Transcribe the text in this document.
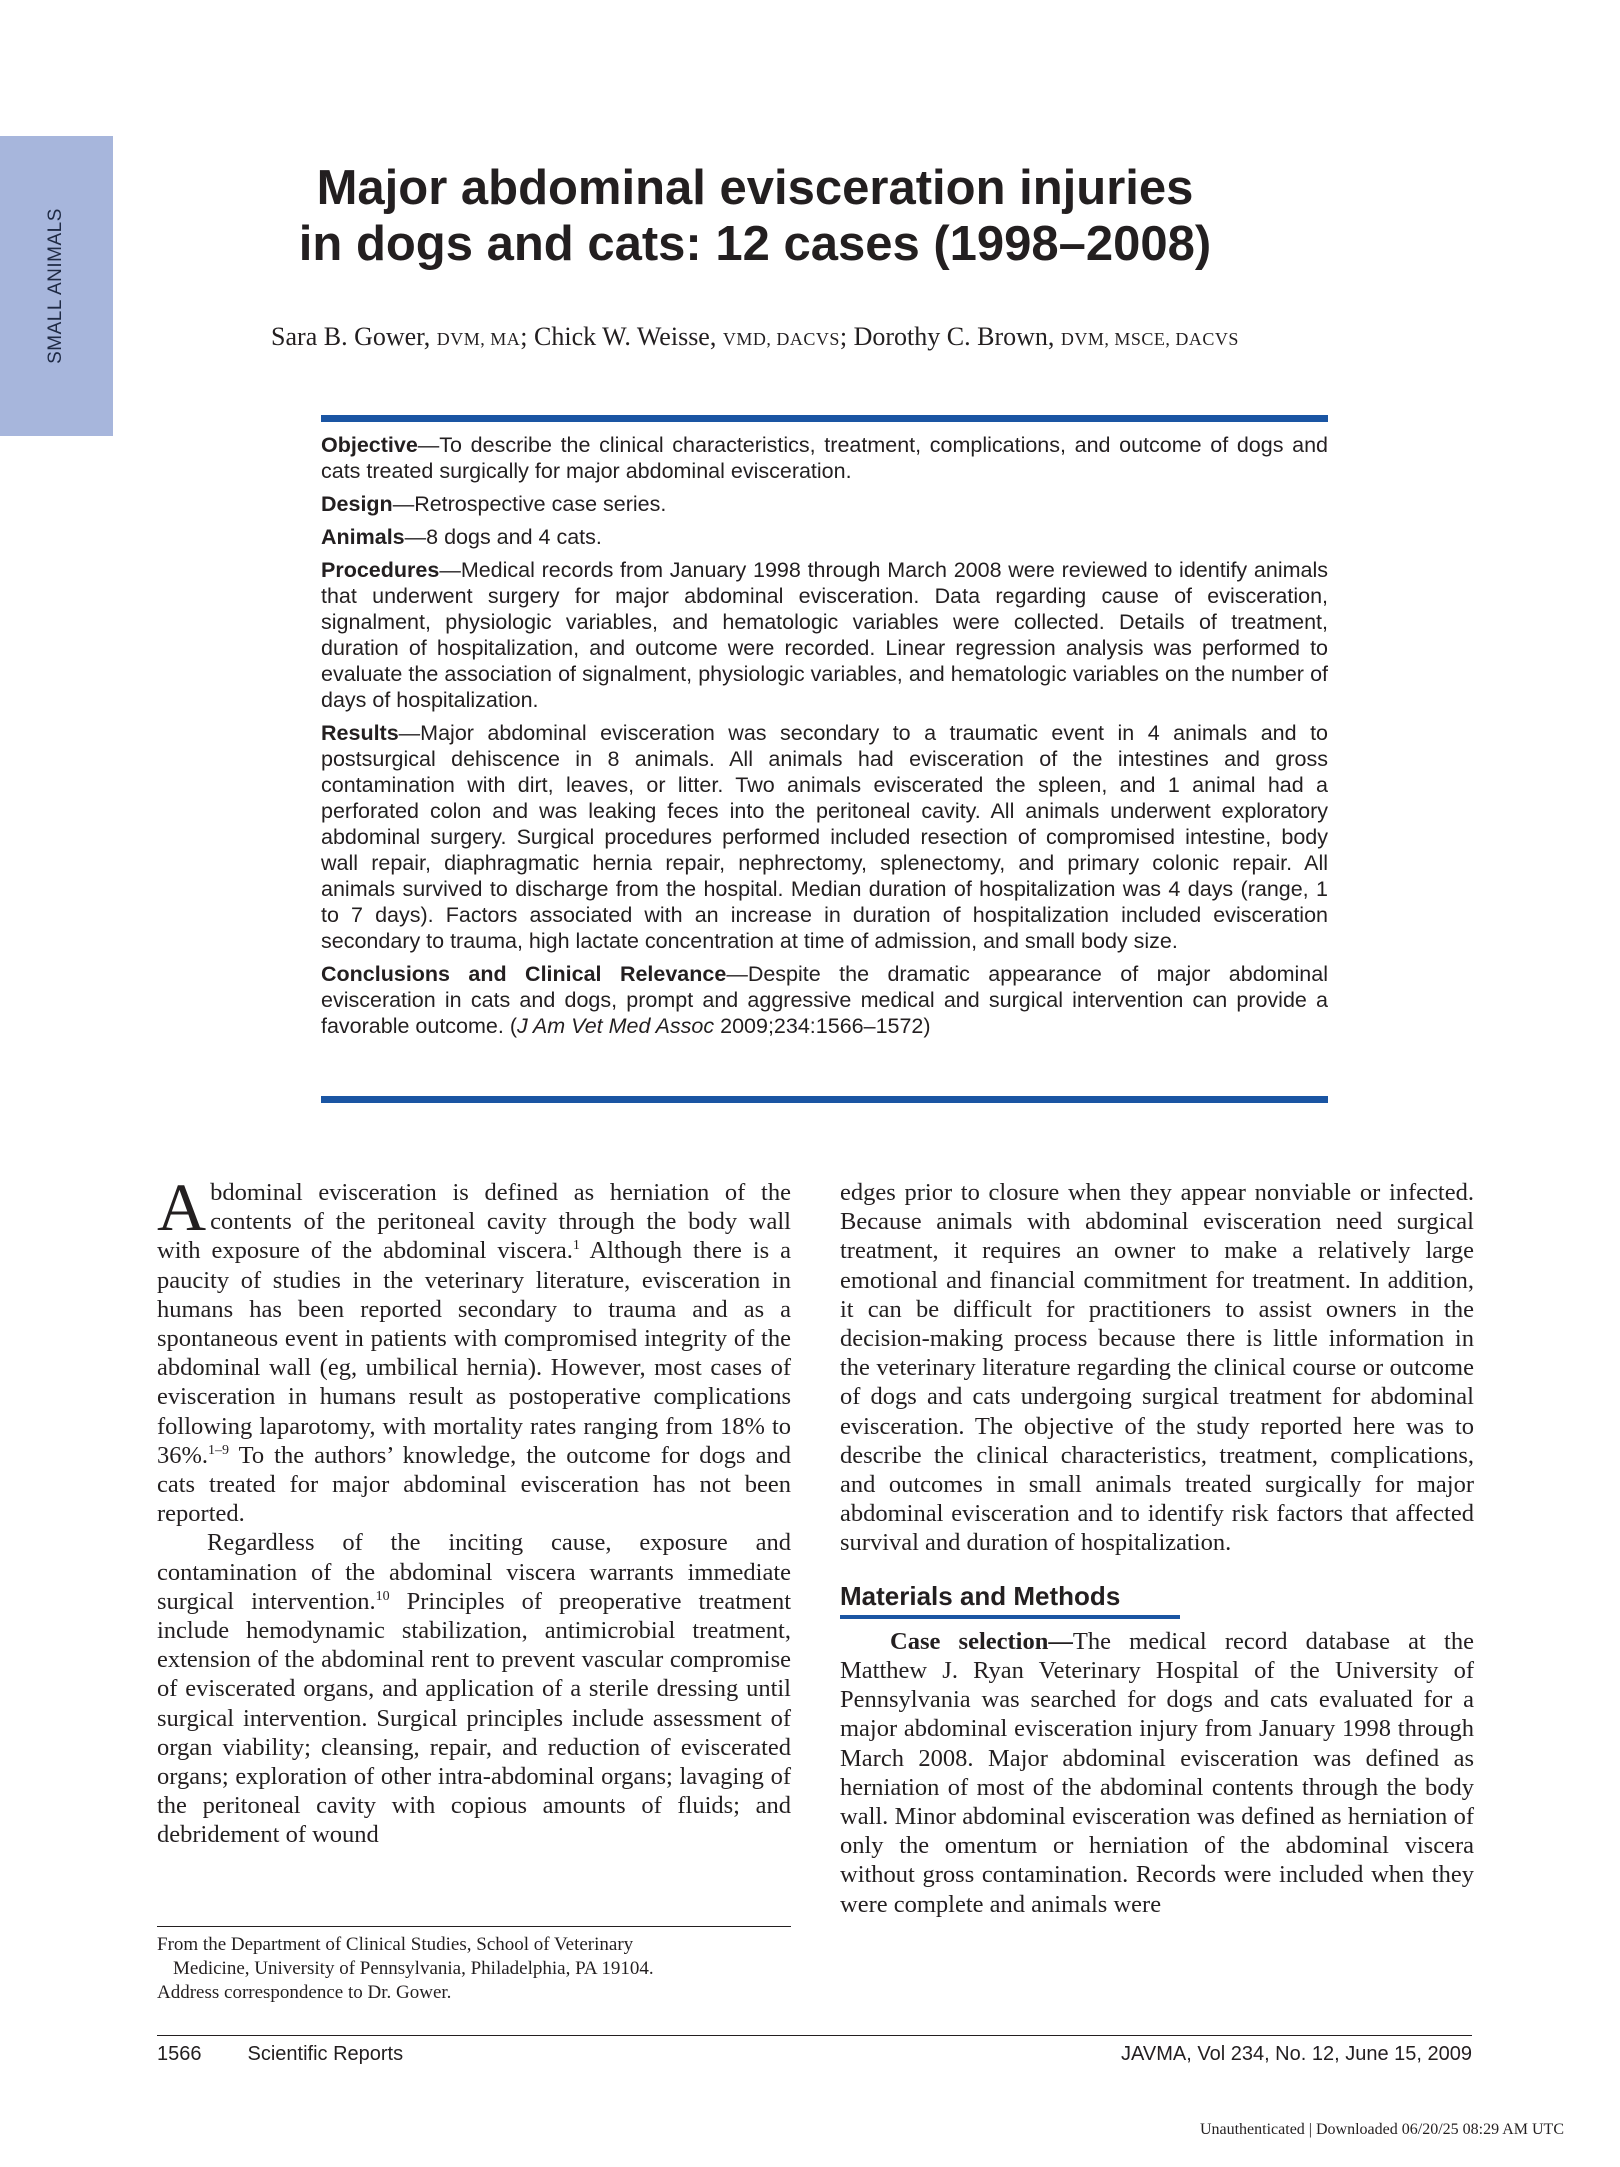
SMALL ANIMALS
Major abdominal evisceration injuries
in dogs and cats: 12 cases (1998–2008)
Sara B. Gower, DVM, MA; Chick W. Weisse, VMD, DACVS; Dorothy C. Brown, DVM, MSCE, DACVS

Objective—To describe the clinical characteristics, treatment, complications, and outcome of dogs and cats treated surgically for major abdominal evisceration.

Design—Retrospective case series.

Animals—8 dogs and 4 cats.

Procedures—Medical records from January 1998 through March 2008 were reviewed to identify animals that underwent surgery for major abdominal evisceration. Data regarding cause of evisceration, signalment, physiologic variables, and hematologic variables were collected. Details of treatment, duration of hospitalization, and outcome were recorded. Linear regression analysis was performed to evaluate the association of signalment, physiologic variables, and hematologic variables on the number of days of hospitalization.

Results—Major abdominal evisceration was secondary to a traumatic event in 4 animals and to postsurgical dehiscence in 8 animals. All animals had evisceration of the intestines and gross contamination with dirt, leaves, or litter. Two animals eviscerated the spleen, and 1 animal had a perforated colon and was leaking feces into the peritoneal cavity. All animals underwent exploratory abdominal surgery. Surgical procedures performed included resection of compromised intestine, body wall repair, diaphragmatic hernia repair, nephrectomy, splenectomy, and primary colonic repair. All animals survived to discharge from the hospital. Median duration of hospitalization was 4 days (range, 1 to 7 days). Factors associated with an increase in duration of hospitalization included evisceration secondary to trauma, high lactate concentration at time of admission, and small body size.

Conclusions and Clinical Relevance—Despite the dramatic appearance of major abdominal evisceration in cats and dogs, prompt and aggressive medical and surgical intervention can provide a favorable outcome. (J Am Vet Med Assoc 2009;234:1566–1572)

Abdominal evisceration is defined as herniation of the contents of the peritoneal cavity through the body wall with exposure of the abdominal viscera.$^1$ Although there is a paucity of studies in the veterinary literature, evisceration in humans has been reported secondary to trauma and as a spontaneous event in patients with compromised integrity of the abdominal wall (eg, umbilical hernia). However, most cases of evisceration in humans result as postoperative complications following laparotomy, with mortality rates ranging from 18% to 36%.$^{1-9}$ To the authors’ knowledge, the outcome for dogs and cats treated for major abdominal evisceration has not been reported.

Regardless of the inciting cause, exposure and contamination of the abdominal viscera warrants immediate surgical intervention.$^{10}$ Principles of preoperative treatment include hemodynamic stabilization, antimicrobial treatment, extension of the abdominal rent to prevent vascular compromise of eviscerated organs, and application of a sterile dressing until surgical intervention. Surgical principles include assessment of organ viability; cleansing, repair, and reduction of eviscerated organs; exploration of other intra-abdominal organs; lavaging of the peritoneal cavity with copious amounts of fluids; and debridement of wound

edges prior to closure when they appear nonviable or infected. Because animals with abdominal evisceration need surgical treatment, it requires an owner to make a relatively large emotional and financial commitment for treatment. In addition, it can be difficult for practitioners to assist owners in the decision-making process because there is little information in the veterinary literature regarding the clinical course or outcome of dogs and cats undergoing surgical treatment for abdominal evisceration. The objective of the study reported here was to describe the clinical characteristics, treatment, complications, and outcomes in small animals treated surgically for major abdominal evisceration and to identify risk factors that affected survival and duration of hospitalization.

Materials and Methods

Case selection—The medical record database at the Matthew J. Ryan Veterinary Hospital of the University of Pennsylvania was searched for dogs and cats evaluated for a major abdominal evisceration injury from January 1998 through March 2008. Major abdominal evisceration was defined as herniation of most of the abdominal contents through the body wall. Minor abdominal evisceration was defined as herniation of only the omentum or herniation of the abdominal viscera without gross contamination. Records were included when they were complete and animals were

From the Department of Clinical Studies, School of Veterinary
Medicine, University of Pennsylvania, Philadelphia, PA 19104.
Address correspondence to Dr. Gower.
1566 Scientific Reports	JAVMA, Vol 234, No. 12, June 15, 2009
Unauthenticated | Downloaded 06/20/25 08:29 AM UTC
